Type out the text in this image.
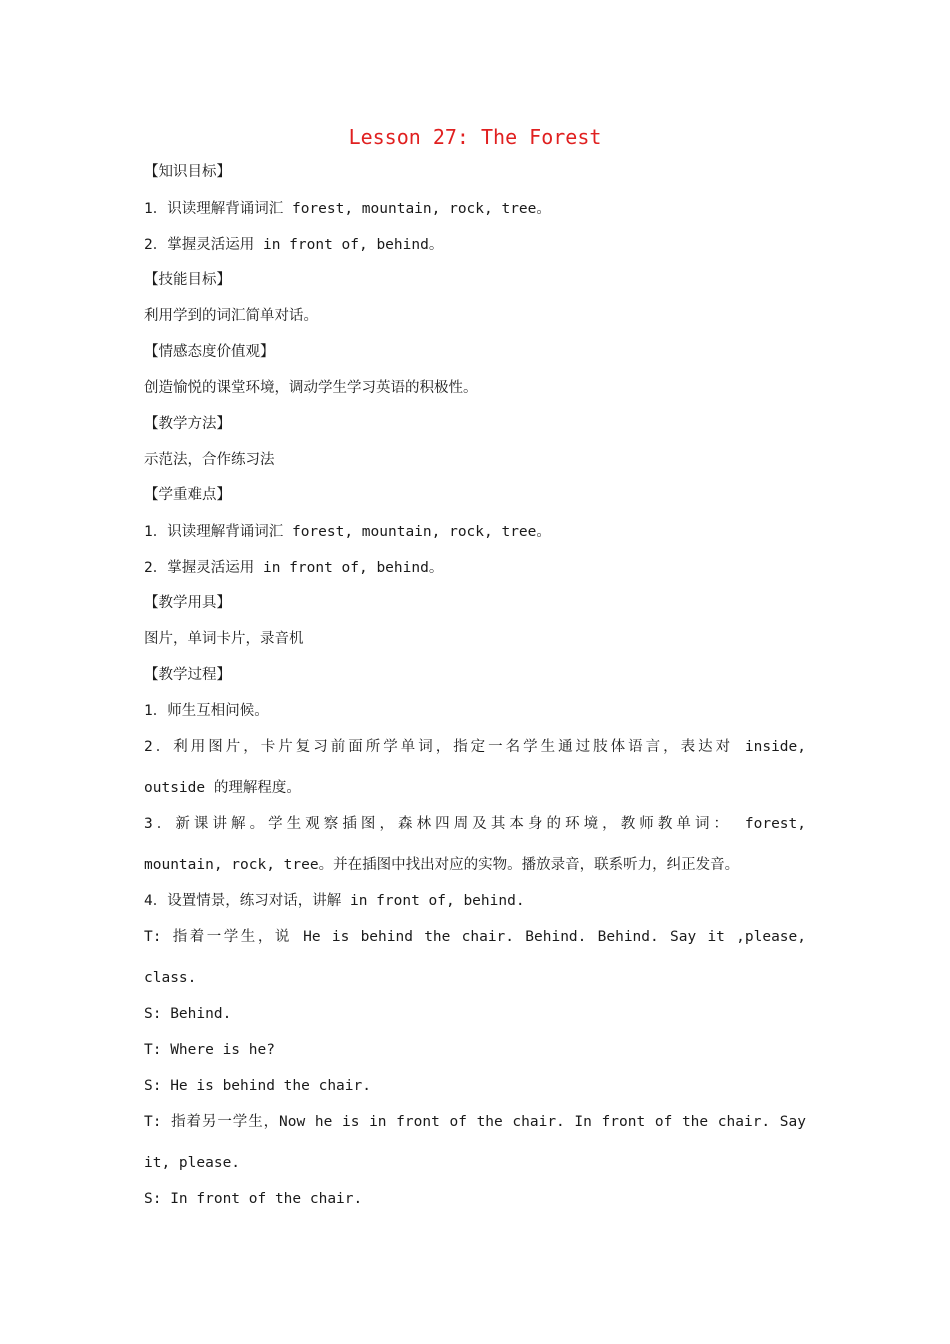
Lesson 27: The Forest
【知识目标】
1．识读理解背诵词汇 forest, mountain, rock, tree。
2．掌握灵活运用 in front of, behind。
【技能目标】
利用学到的词汇简单对话。
【情感态度价值观】
创造愉悦的课堂环境，调动学生学习英语的积极性。
【教学方法】
示范法，合作练习法
【学重难点】
1．识读理解背诵词汇 forest, mountain, rock, tree。
2．掌握灵活运用 in front of, behind。
【教学用具】
图片，单词卡片，录音机
【教学过程】
1．师生互相问候。
2．利用图片，卡片复习前面所学单词，指定一名学生通过肢体语言，表达对 inside,
outside 的理解程度。
3．新课讲解。学生观察插图，森林四周及其本身的环境，教师教单词： forest,
mountain, rock, tree。并在插图中找出对应的实物。播放录音，联系听力，纠正发音。
4．设置情景，练习对话，讲解 in front of, behind.
T: 指着一学生，说 He is behind the chair. Behind. Behind. Say it ,please,
class.
S: Behind.
T: Where is he?
S: He is behind the chair.
T: 指着另一学生，Now he is in front of the chair. In front of the chair. Say
it, please.
S: In front of the chair.
